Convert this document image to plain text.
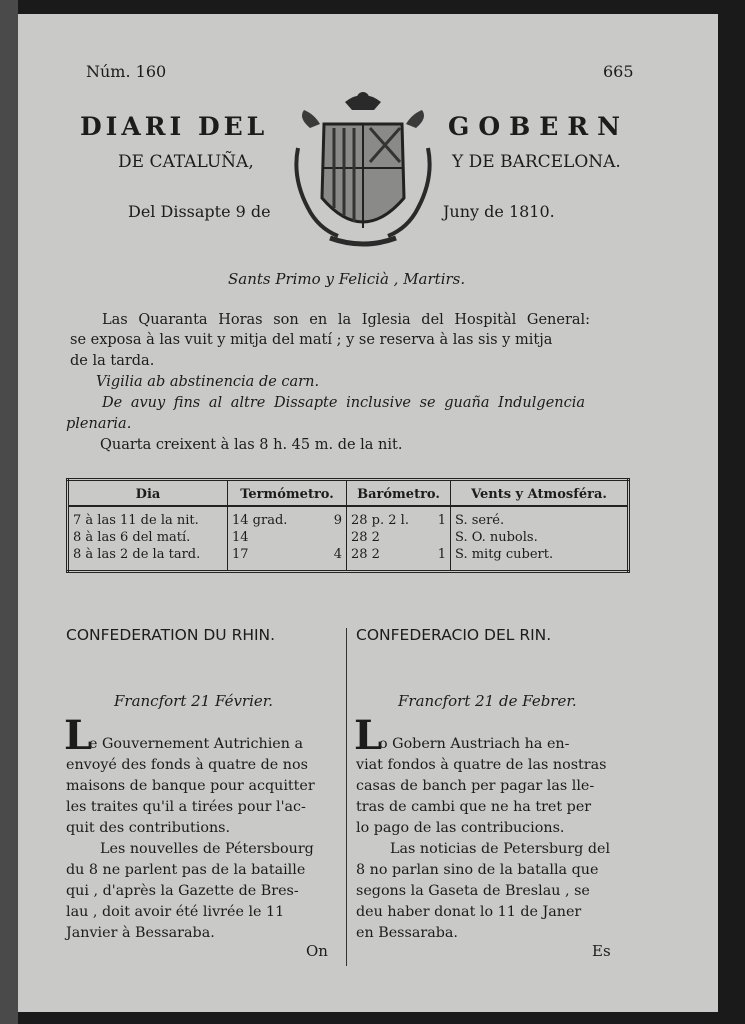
Núm. 160	665
DIARI DEL	GOBERN
DE CATALUÑA,	Y DE BARCELONA.
Del Dissapte 9 de	Juny de 1810.
Sants Primo y Felicià , Martirs.
Las Quaranta Horas son en la Iglesia del Hospitàl General:
se exposa à las vuit y mitja del matí ; y se reserva à las sis y mitja
de la tarda.
Vigilia ab abstinencia de carn.
De avuy fins al altre Dissapte inclusive se guaña Indulgencia
plenaria.
Quarta creixent à las 8 h. 45 m. de la nit.
Dia	Termómetro.	Barómetro.	Vents y Atmosféra.
7 à las 11 de la nit.	14 grad. 9	28 p. 2 l. 1	S. seré.
8 à las 6 del matí.	14	28 2	S. O. nubols.
8 à las 2 de la tard.	17 4	28 2 1	S. mitg cubert.
CONFEDERATION DU RHIN.	CONFEDERACIO DEL RIN.
Francfort 21 Février.	Francfort 21 de Febrer.
L	L
e Gouvernement Autrichien a
envoyé des fonds à quatre de nos
maisons de banque pour acquitter
les traites qu'il a tirées pour l'ac-
quit des contributions.
Les nouvelles de Pétersbourg
du 8 ne parlent pas de la bataille
qui , d'après la Gazette de Bres-
lau , doit avoir été livrée le 11
Janvier à Bessaraba.
o Gobern Austriach ha en-
viat fondos à quatre de las nostras
casas de banch per pagar las lle-
tras de cambi que ne ha tret per
lo pago de las contribucions.
Las noticias de Petersburg del
8 no parlan sino de la batalla que
segons la Gaseta de Breslau , se
deu haber donat lo 11 de Janer
en Bessaraba.
On	Es
